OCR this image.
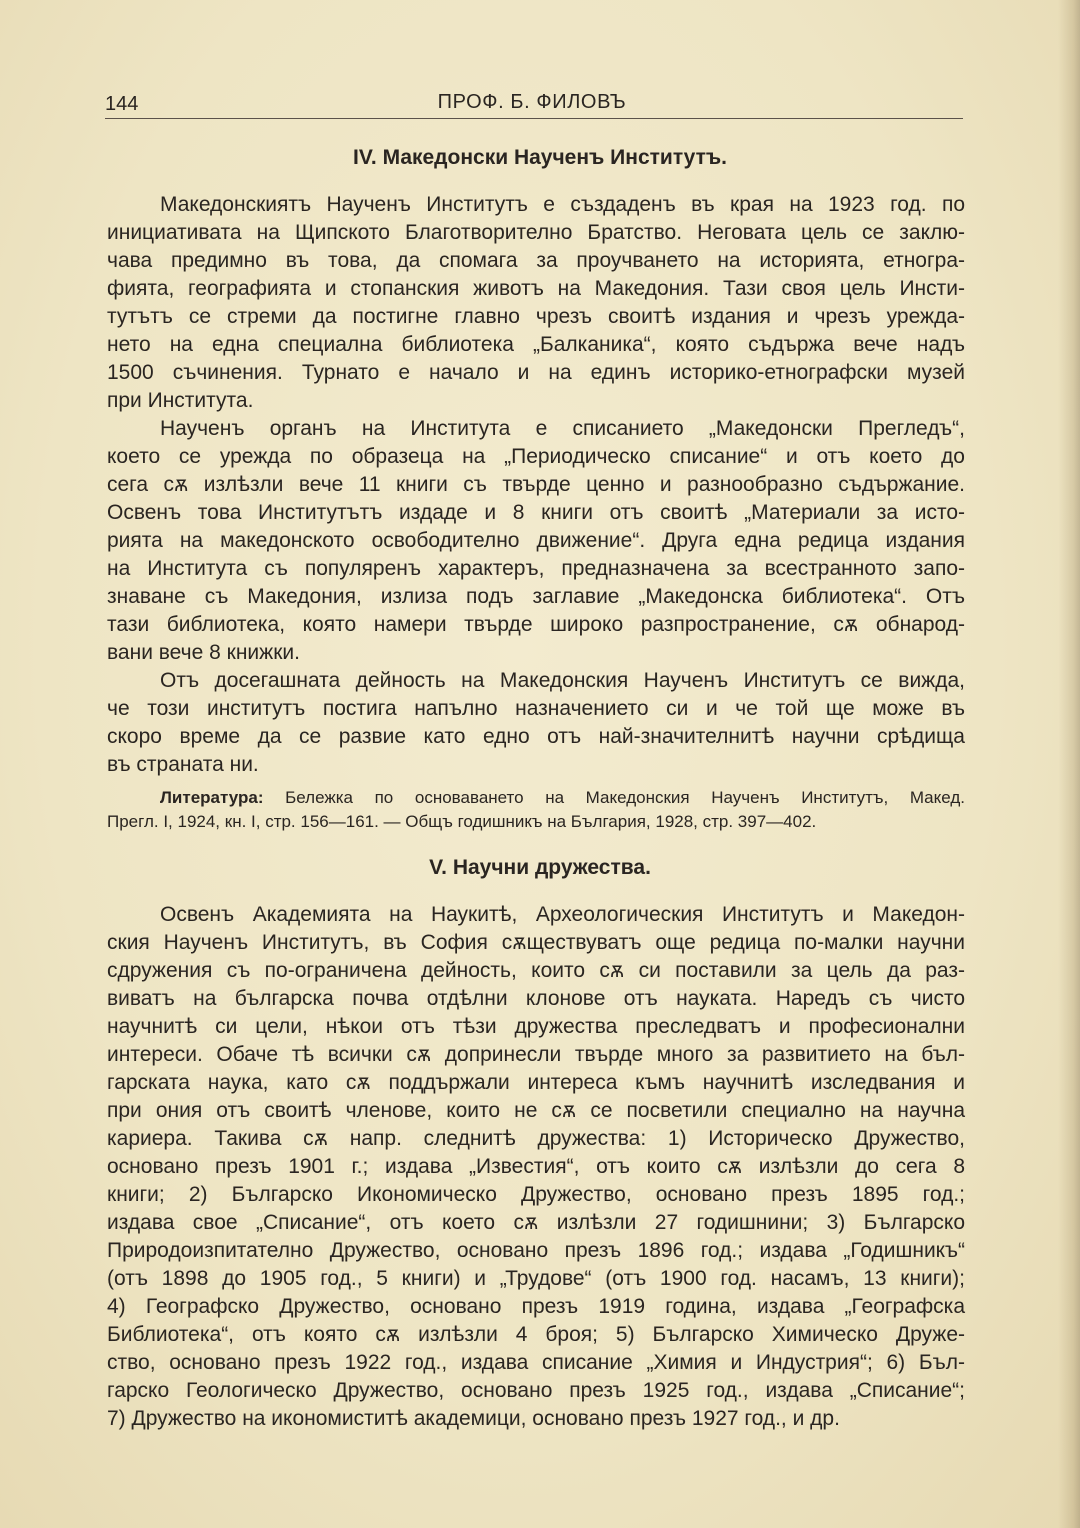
144	ПРОФ. Б. ФИЛОВЪ
IV. Македонски Наученъ Институтъ.
Македонскиятъ Наученъ Институтъ е създаденъ въ края на 1923 год. по
инициативата на Щипското Благотворително Братство. Неговата цель се заклю-
чава предимно въ това, да спомага за проучването на историята, етногра-
фията, географията и стопанския животъ на Македония. Тази своя цель Инсти-
тутътъ се стреми да постигне главно чрезъ своитѣ издания и чрезъ урежда-
нето на една специална библиотека „Балканика“, която съдържа вече надъ
1500 съчинения. Турнато е начало и на единъ историко-етнографски музей
при Института.
Наученъ органъ на Института е списанието „Македонски Прегледъ“,
което се урежда по образеца на „Периодическо списание“ и отъ което до
сега сѫ излѣзли вече 11 книги съ твърде ценно и разнообразно съдържание.
Освенъ това Институтътъ издаде и 8 книги отъ своитѣ „Материали за исто-
рията на македонското освободително движение“. Друга една редица издания
на Института съ популяренъ характеръ, предназначена за всестранното запо-
знаване съ Македония, излиза подъ заглавие „Македонска библиотека“. Отъ
тази библиотека, която намери твърде широко разпространение, сѫ обнарод-
вани вече 8 книжки.
Отъ досегашната дейность на Македонския Наученъ Институтъ се вижда,
че този институтъ постига напълно назначението си и че той ще може въ
скоро време да се развие като едно отъ най-значителнитѣ научни срѣдища
въ страната ни.
Литература: Бележка по основаването на Македонския Наученъ Институтъ, Макед.
Прегл. I, 1924, кн. I, стр. 156—161. — Общъ годишникъ на България, 1928, стр. 397—402.
V. Научни дружества.
Освенъ Академията на Наукитѣ, Археологическия Институтъ и Македон-
ския Наученъ Институтъ, въ София сѫществуватъ още редица по-малки научни
сдружения съ по-ограничена дейность, които сѫ си поставили за цель да раз-
виватъ на българска почва отдѣлни клонове отъ науката. Наредъ съ чисто
научнитѣ си цели, нѣкои отъ тѣзи дружества преследватъ и професионални
интереси. Обаче тѣ всички сѫ допринесли твърде много за развитието на бъл-
гарската наука, като сѫ поддържали интереса къмъ научнитѣ изследвания и
при ония отъ своитѣ членове, които не сѫ се посветили специално на научна
кариера. Такива сѫ напр. следнитѣ дружества: 1) Историческо Дружество,
основано презъ 1901 г.; издава „Известия“, отъ които сѫ излѣзли до сега 8
книги; 2) Българско Икономическо Дружество, основано презъ 1895 год.;
издава свое „Списание“, отъ което сѫ излѣзли 27 годишнини; 3) Българско
Природоизпитателно Дружество, основано презъ 1896 год.; издава „Годишникъ“
(отъ 1898 до 1905 год., 5 книги) и „Трудове“ (отъ 1900 год. насамъ, 13 книги);
4) Географско Дружество, основано презъ 1919 година, издава „Географска
Библиотека“, отъ която сѫ излѣзли 4 броя; 5) Българско Химическо Друже-
ство, основано презъ 1922 год., издава списание „Химия и Индустрия“; 6) Бъл-
гарско Геологическо Дружество, основано презъ 1925 год., издава „Списание“;
7) Дружество на икономиститѣ академици, основано презъ 1927 год., и др.
